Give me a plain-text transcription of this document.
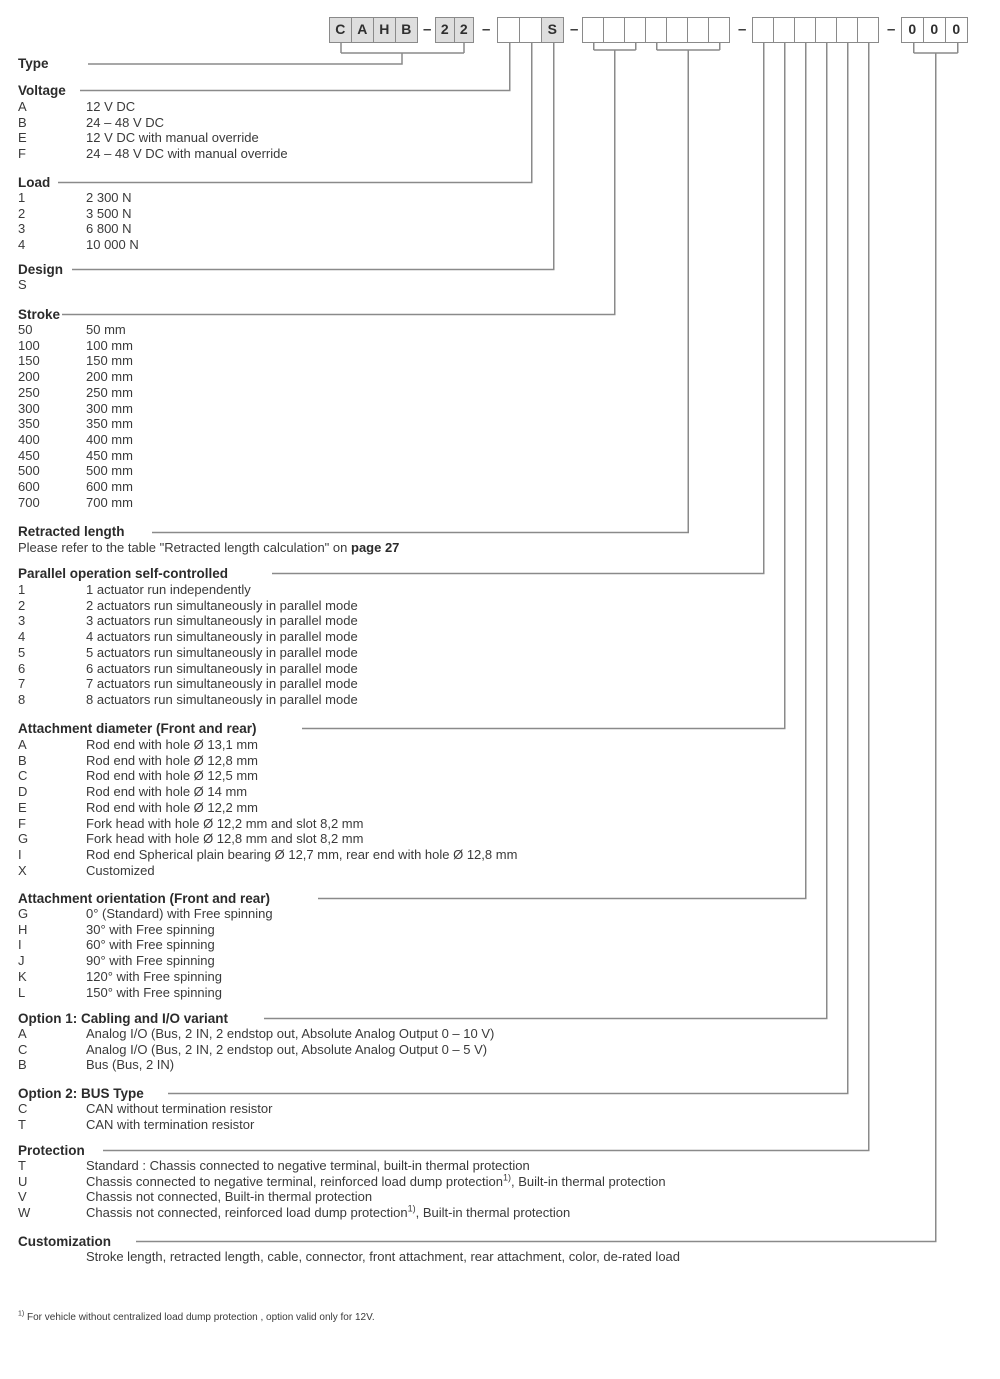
C A H B – 2 2 –	S –	–	– 0	0	0
Type
Voltage
A	12 V DC
B	24 – 48 V DC
E	12 V DC with manual override
F	24 – 48 V DC with manual override
Load
1	2 300 N
2	3 500 N
3	6 800 N
4	10 000 N
Design
S
Stroke
50	50 mm
100	100 mm
150	150 mm
200	200 mm
250	250 mm
300	300 mm
350	350 mm
400	400 mm
450	450 mm
500	500 mm
600	600 mm
700	700 mm
Retracted length
Please refer to the table "Retracted length calculation" on page 27
Parallel operation self-controlled
1	1 actuator run independently
2	2 actuators run simultaneously in parallel mode
3	3 actuators run simultaneously in parallel mode
4	4 actuators run simultaneously in parallel mode
5	5 actuators run simultaneously in parallel mode
6	6 actuators run simultaneously in parallel mode
7	7 actuators run simultaneously in parallel mode
8	8 actuators run simultaneously in parallel mode
Attachment diameter (Front and rear)
A	Rod end with hole Ø 13,1 mm
B	Rod end with hole Ø 12,8 mm
C	Rod end with hole Ø 12,5 mm
D	Rod end with hole Ø 14 mm
E	Rod end with hole Ø 12,2 mm
F	Fork head with hole Ø 12,2 mm and slot 8,2 mm
G	Fork head with hole Ø 12,8 mm and slot 8,2 mm
I	Rod end Spherical plain bearing Ø 12,7 mm, rear end with hole Ø 12,8 mm
X	Customized
Attachment orientation (Front and rear)
G	0° (Standard) with Free spinning
H	30° with Free spinning
I	60° with Free spinning
J	90° with Free spinning
K	120° with Free spinning
L	150° with Free spinning
Option 1: Cabling and I/O variant
A	Analog I/O (Bus, 2 IN, 2 endstop out, Absolute Analog Output 0 – 10 V)
C	Analog I/O (Bus, 2 IN, 2 endstop out, Absolute Analog Output 0 – 5 V)
B	Bus (Bus, 2 IN)
Option 2: BUS Type
C	CAN without termination resistor
T	CAN with termination resistor
Protection
T	Standard : Chassis connected to negative terminal, built-in thermal protection
U	Chassis connected to negative terminal, reinforced load dump protection$^{1)}$, Built-in thermal protection
V	Chassis not connected, Built-in thermal protection
W	Chassis not connected, reinforced load dump protection$^{1)}$, Built-in thermal protection
Customization
Stroke length, retracted length, cable, connector, front attachment, rear attachment, color, de-rated load
$^{1)}$ For vehicle without centralized load dump protection , option valid only for 12V.
